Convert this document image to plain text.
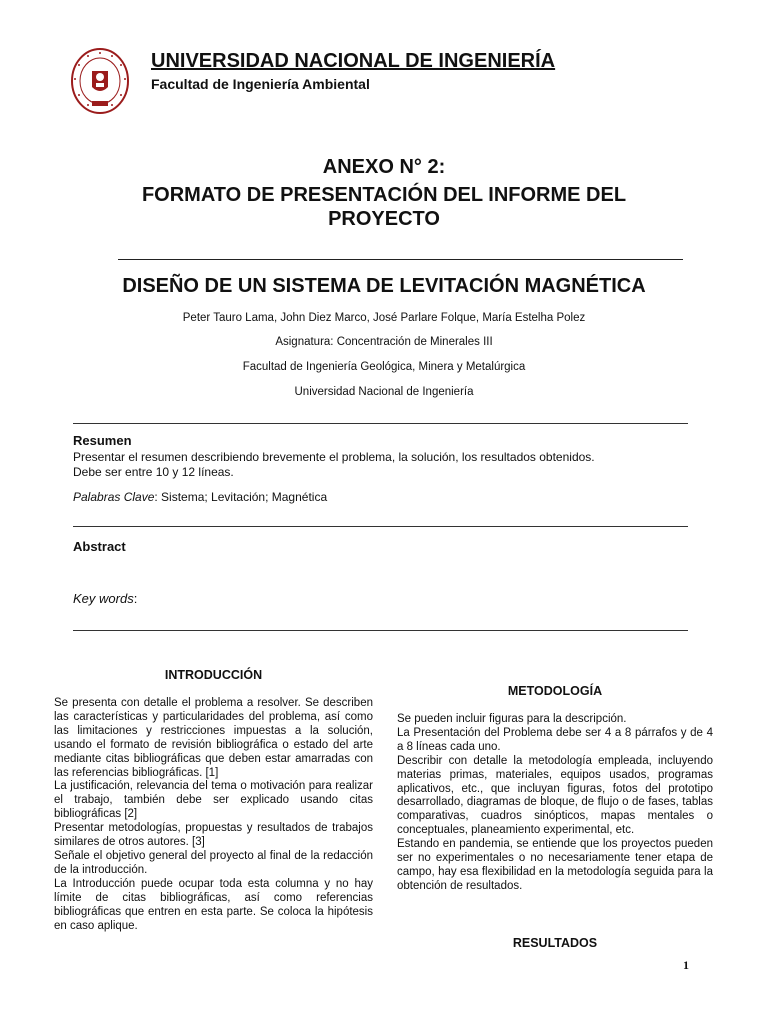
UNIVERSIDAD NACIONAL DE INGENIERÍA
Facultad de Ingeniería Ambiental
ANEXO N° 2:
FORMATO DE PRESENTACIÓN DEL INFORME DEL
PROYECTO
DISEÑO DE UN SISTEMA DE LEVITACIÓN MAGNÉTICA
Peter Tauro Lama, John Diez Marco, José Parlare Folque, María Estelha Polez
Asignatura: Concentración de Minerales III
Facultad de Ingeniería Geológica, Minera y Metalúrgica
Universidad Nacional de Ingeniería
Resumen
Presentar el resumen describiendo brevemente el problema, la solución, los resultados obtenidos.
Debe ser entre 10 y 12 líneas.
Palabras Clave: Sistema; Levitación; Magnética
Abstract
Key words:
INTRODUCCIÓN
Se presenta con detalle el problema a resolver. Se describen las características y particularidades del problema, así como las limitaciones y restricciones impuestas a la solución, usando el formato de revisión bibliográfica o estado del arte mediante citas bibliográficas que deben estar amarradas con las referencias bibliográficas. [1]
La justificación, relevancia del tema o motivación para realizar el trabajo, también debe ser explicado usando citas bibliográficas [2]
Presentar metodologías, propuestas y resultados de trabajos similares de otros autores. [3]
Señale el objetivo general del proyecto al final de la redacción de la introducción.
La Introducción puede ocupar toda esta columna y no hay límite de citas bibliográficas, así como referencias bibliográficas que entren en esta parte. Se coloca la hipótesis en caso aplique.
METODOLOGÍA
Se pueden incluir figuras para la descripción.
La Presentación del Problema debe ser 4 a 8 párrafos y de 4 a 8 líneas cada uno.
Describir con detalle la metodología empleada, incluyendo materias primas, materiales, equipos usados, programas aplicativos, etc., que incluyan figuras, fotos del prototipo desarrollado, diagramas de bloque, de flujo o de fases, tablas comparativas, cuadros sinópticos, mapas mentales o conceptuales, planeamiento experimental, etc.
Estando en pandemia, se entiende que los proyectos pueden ser no experimentales o no necesariamente tener etapa de campo, hay esa flexibilidad en la metodología seguida para la obtención de resultados.
RESULTADOS
1
